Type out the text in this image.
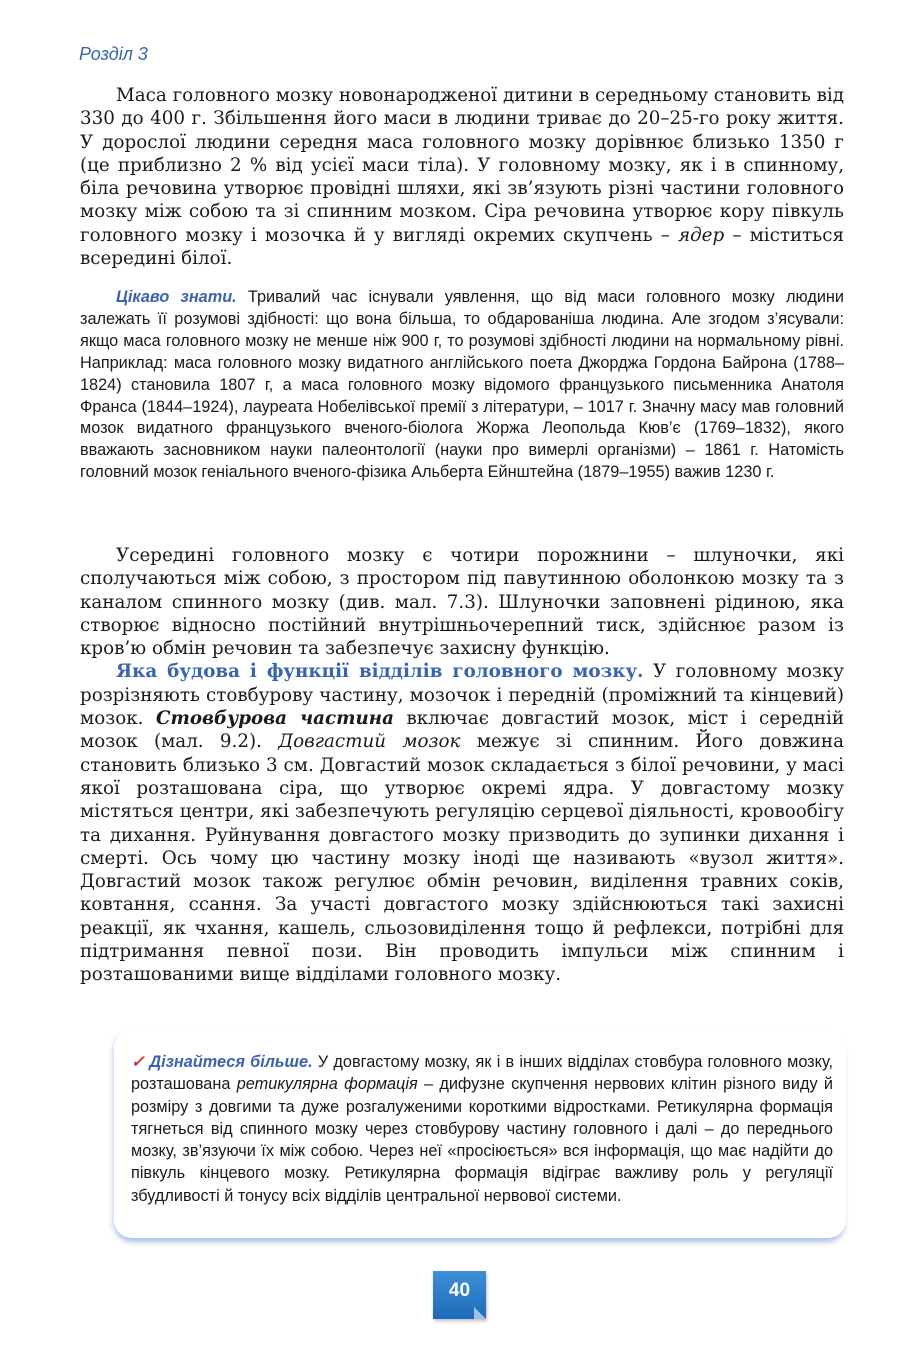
Розділ 3

Маса головного мозку новонародженої дитини в середньому становить від 330 до 400 г. Збільшення його маси в людини триває до 20–25-го року життя. У дорослої людини середня маса головного мозку дорівнює близько 1350 г (це приблизно 2 % від усієї маси тіла). У головному мозку, як і в спинному, біла речовина утворює провідні шляхи, які зв’язують різні частини головного мозку між собою та зі спинним мозком. Сіра речовина утворює кору півкуль головного мозку і мозочка й у вигляді окремих скупчень – ядер – міститься всередині білої.

Цікаво знати. Тривалий час існували уявлення, що від маси головного мозку людини залежать її розумові здібності: що вона більша, то обдарованіша людина. Але згодом з’ясували: якщо маса головного мозку не менше ніж 900 г, то розумові здібності людини на нормальному рівні. Наприклад: маса головного мозку видатного англійського поета Джорджа Гордона Байрона (1788–1824) становила 1807 г, а маса головного мозку відомого французького письменника Анатоля Франса (1844–1924), лауреата Нобелівської премії з літератури, – 1017 г. Значну масу мав головний мозок видатного французького вченого-біолога Жоржа Леопольда Кюв’є (1769–1832), якого вважають засновником науки палеонтології (науки про вимерлі організми) – 1861 г. Натомість головний мозок геніального вченого-фізика Альберта Ейнштейна (1879–1955) важив 1230 г.

Усередині головного мозку є чотири порожнини – шлуночки, які сполучаються між собою, з простором під павутинною оболонкою мозку та з каналом спинного мозку (див. мал. 7.3). Шлуночки заповнені рідиною, яка створює відносно постійний внутрішньочерепний тиск, здійснює разом із кров’ю обмін речовин та забезпечує захисну функцію.

Яка будова і функції відділів головного мозку. У головному мозку розрізняють стовбурову частину, мозочок і передній (проміжний та кінцевий) мозок. Стовбурова частина включає довгастий мозок, міст і середній мозок (мал. 9.2). Довгастий мозок межує зі спинним. Його довжина становить близько 3 см. Довгастий мозок складається з білої речовини, у масі якої розташована сіра, що утворює окремі ядра. У довгастому мозку містяться центри, які забезпечують регуляцію серцевої діяльності, кровообігу та дихання. Руйнування довгастого мозку призводить до зупинки дихання і смерті. Ось чому цю частину мозку іноді ще називають «вузол життя». Довгастий мозок також регулює обмін речовин, виділення травних соків, ковтання, ссання. За участі довгастого мозку здійснюються такі захисні реакції, як чхання, кашель, сльозовиділення тощо й рефлекси, потрібні для підтримання певної пози. Він проводить імпульси між спинним і розташованими вище відділами головного мозку.

✓ Дізнайтеся більше. У довгастому мозку, як і в інших відділах стовбура головного мозку, розташована ретикулярна формація – дифузне скупчення нервових клітин різного виду й розміру з довгими та дуже розгалуженими короткими відростками. Ретикулярна формація тягнеться від спинного мозку через стовбурову частину головного і далі – до переднього мозку, зв’язуючи їх між собою. Через неї «просіюється» вся інформація, що має надійти до півкуль кінцевого мозку. Ретикулярна формація відіграє важливу роль у регуляції збудливості й тонусу всіх відділів центральної нервової системи.

40
